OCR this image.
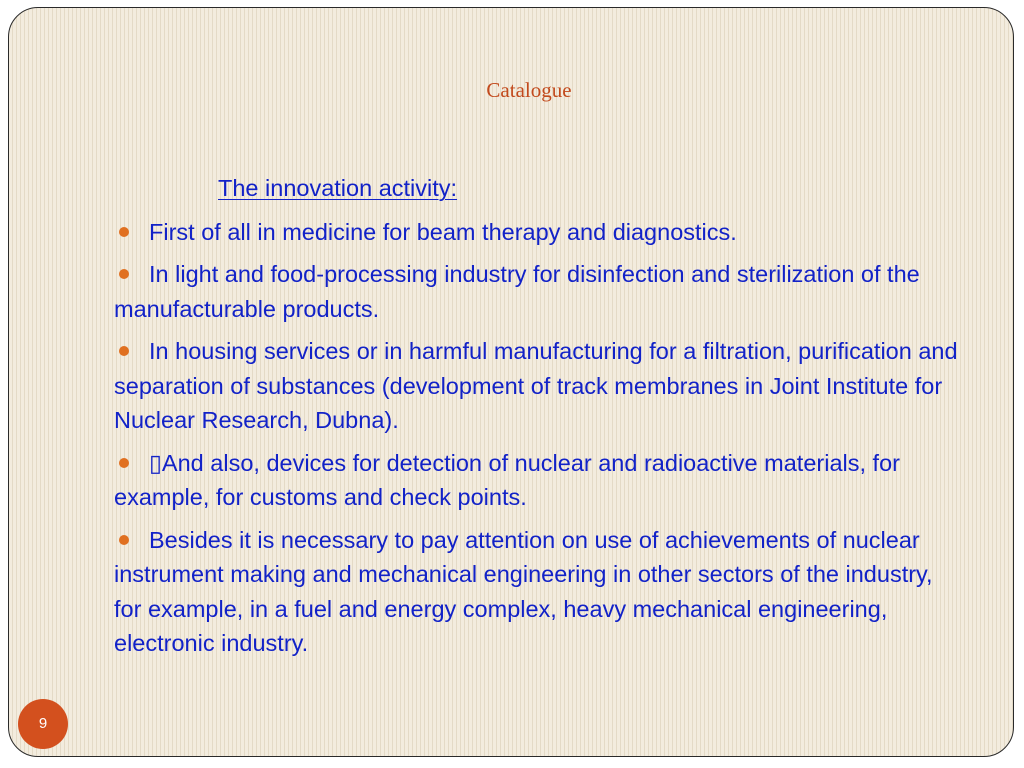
Catalogue
The innovation activity:
First of all in medicine for beam therapy and diagnostics.
In light and food-processing industry for disinfection and sterilization of the manufacturable products.
In housing services or in harmful manufacturing for a filtration, purification and separation of substances (development of track membranes in Joint Institute for Nuclear Research, Dubna).
▯And also, devices for detection of nuclear and radioactive materials, for example, for customs and check points.
Besides it is necessary to pay attention on use of achievements of nuclear instrument making and mechanical engineering in other sectors of the industry, for example, in a fuel and energy complex, heavy mechanical engineering, electronic industry.
9
